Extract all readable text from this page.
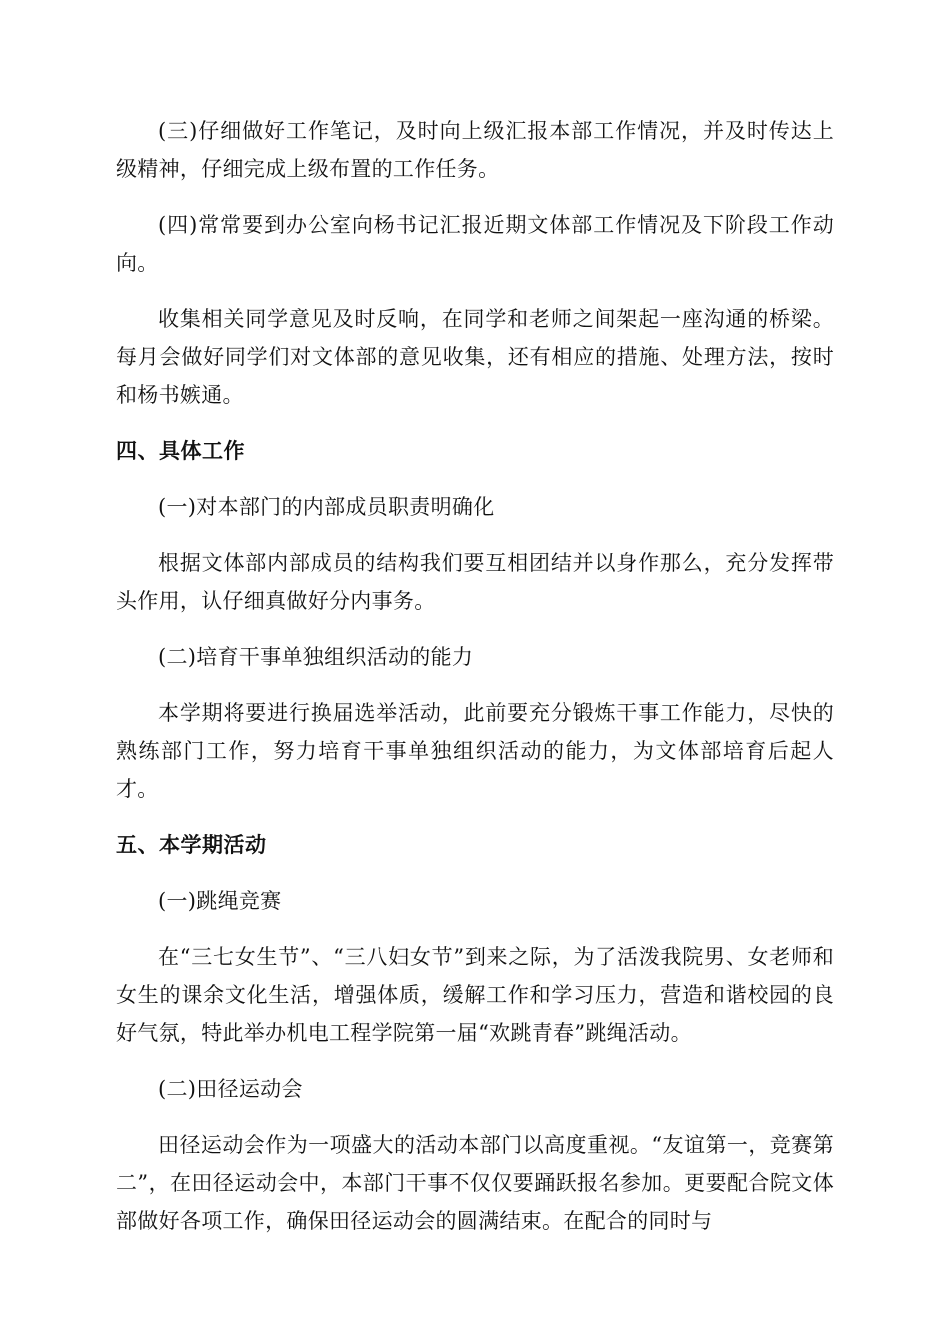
(三)仔细做好工作笔记，及时向上级汇报本部工作情况，并及时传达上级精神，仔细完成上级布置的工作任务。

(四)常常要到办公室向杨书记汇报近期文体部工作情况及下阶段工作动向。

收集相关同学意见及时反响，在同学和老师之间架起一座沟通的桥梁。每月会做好同学们对文体部的意见收集，还有相应的措施、处理方法，按时和杨书嫉通。

四、具体工作

(一)对本部门的内部成员职责明确化

根据文体部内部成员的结构我们要互相团结并以身作那么，充分发挥带头作用，认仔细真做好分内事务。

(二)培育干事单独组织活动的能力

本学期将要进行换届选举活动，此前要充分锻炼干事工作能力，尽快的熟练部门工作，努力培育干事单独组织活动的能力，为文体部培育后起人才。

五、本学期活动

(一)跳绳竞赛

在“三七女生节”、“三八妇女节”到来之际，为了活泼我院男、女老师和女生的课余文化生活，增强体质，缓解工作和学习压力，营造和谐校园的良好气氛，特此举办机电工程学院第一届“欢跳青春”跳绳活动。

(二)田径运动会

田径运动会作为一项盛大的活动本部门以高度重视。“友谊第一，竞赛第二”，在田径运动会中，本部门干事不仅仅要踊跃报名参加。更要配合院文体部做好各项工作，确保田径运动会的圆满结束。在配合的同时与
